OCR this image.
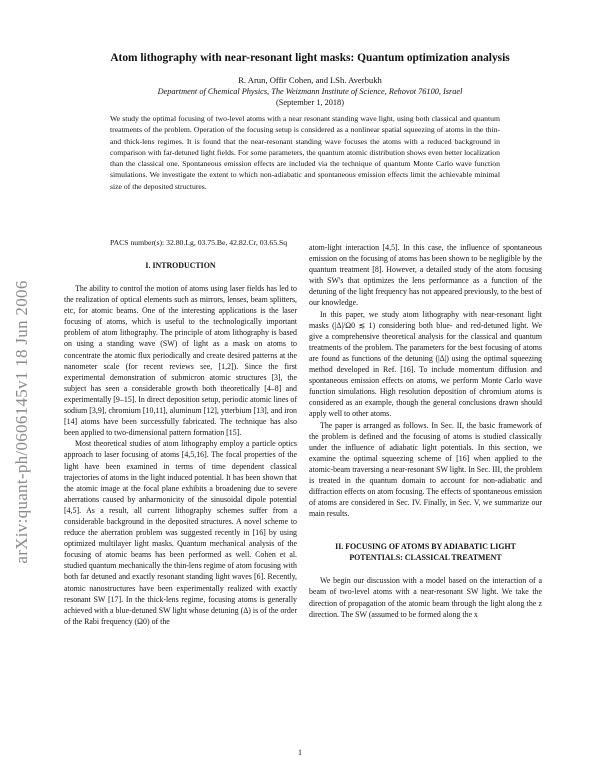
arXiv:quant-ph/0606145v1 18 Jun 2006
Atom lithography with near-resonant light masks: Quantum optimization analysis
R. Arun, Offir Cohen, and I.Sh. Averbukh
Department of Chemical Physics, The Weizmann Institute of Science, Rehovot 76100, Israel
(September 1, 2018)

We study the optimal focusing of two-level atoms with a near resonant standing wave light, using both classical and quantum treatments of the problem. Operation of the focusing setup is considered as a nonlinear spatial squeezing of atoms in the thin- and thick-lens regimes. It is found that the near-resonant standing wave focuses the atoms with a reduced background in comparison with far-detuned light fields. For some parameters, the quantum atomic distribution shows even better localization than the classical one. Spontaneous emission effects are included via the technique of quantum Monte Carlo wave function simulations. We investigate the extent to which non-adiabatic and spontaneous emission effects limit the achievable minimal size of the deposited structures.

PACS number(s): 32.80.Lg, 03.75.Be, 42.82.Cr, 03.65.Sq
I. INTRODUCTION

The ability to control the motion of atoms using laser fields has led to the realization of optical elements such as mirrors, lenses, beam splitters, etc, for atomic beams. One of the interesting applications is the laser focusing of atoms, which is useful to the technologically important problem of atom lithography. The principle of atom lithography is based on using a standing wave (SW) of light as a mask on atoms to concentrate the atomic flux periodically and create desired patterns at the nanometer scale (for recent reviews see, [1,2]). Since the first experimental demonstration of submicron atomic structures [3], the subject has seen a considerable growth both theoretically [4–8] and experimentally [9–15]. In direct deposition setup, periodic atomic lines of sodium [3,9], chromium [10,11], aluminum [12], ytterbium [13], and iron [14] atoms have been successfully fabricated. The technique has also been applied to two-dimensional pattern formation [15].

Most theoretical studies of atom lithography employ a particle optics approach to laser focusing of atoms [4,5,16]. The focal properties of the light have been examined in terms of time dependent classical trajectories of atoms in the light induced potential. It has been shown that the atomic image at the focal plane exhibits a broadening due to severe aberrations caused by anharmonicity of the sinusoidal dipole potential [4,5]. As a result, all current lithography schemes suffer from a considerable background in the deposited structures. A novel scheme to reduce the aberration problem was suggested recently in [16] by using optimized multilayer light masks. Quantum mechanical analysis of the focusing of atomic beams has been performed as well. Cohen et al. studied quantum mechanically the thin-lens regime of atom focusing with both far detuned and exactly resonant standing light waves [6]. Recently, atomic nanostructures have been experimentally realized with exactly resonant SW [17]. In the thick-lens regime, focusing atoms is generally achieved with a blue-detuned SW light whose detuning (Δ) is of the order of the Rabi frequency (Ω0) of the

atom-light interaction [4,5]. In this case, the influence of spontaneous emission on the focusing of atoms has been shown to be negligible by the quantum treatment [8]. However, a detailed study of the atom focusing with SW's that optimizes the lens performance as a function of the detuning of the light frequency has not appeared previously, to the best of our knowledge.

In this paper, we study atom lithography with near-resonant light masks (|Δ|/Ω0 ≲ 1) considering both blue- and red-detuned light. We give a comprehensive theoretical analysis for the classical and quantum treatments of the problem. The parameters for the best focusing of atoms are found as functions of the detuning (|Δ|) using the optimal squeezing method developed in Ref. [16]. To include momentum diffusion and spontaneous emission effects on atoms, we perform Monte Carlo wave function simulations. High resolution deposition of chromium atoms is considered as an example, though the general conclusions drawn should apply well to other atoms.

The paper is arranged as follows. In Sec. II, the basic framework of the problem is defined and the focusing of atoms is studied classically under the influence of adiabatic light potentials. In this section, we examine the optimal squeezing scheme of [16] when applied to the atomic-beam traversing a near-resonant SW light. In Sec. III, the problem is treated in the quantum domain to account for non-adiabatic and diffraction effects on atom focusing. The effects of spontaneous emission of atoms are considered in Sec. IV. Finally, in Sec. V, we summarize our main results.

II. FOCUSING OF ATOMS BY ADIABATIC LIGHT POTENTIALS: CLASSICAL TREATMENT

We begin our discussion with a model based on the interaction of a beam of two-level atoms with a near-resonant SW light. We take the direction of propagation of the atomic beam through the light along the z direction. The SW (assumed to be formed along the x

1
